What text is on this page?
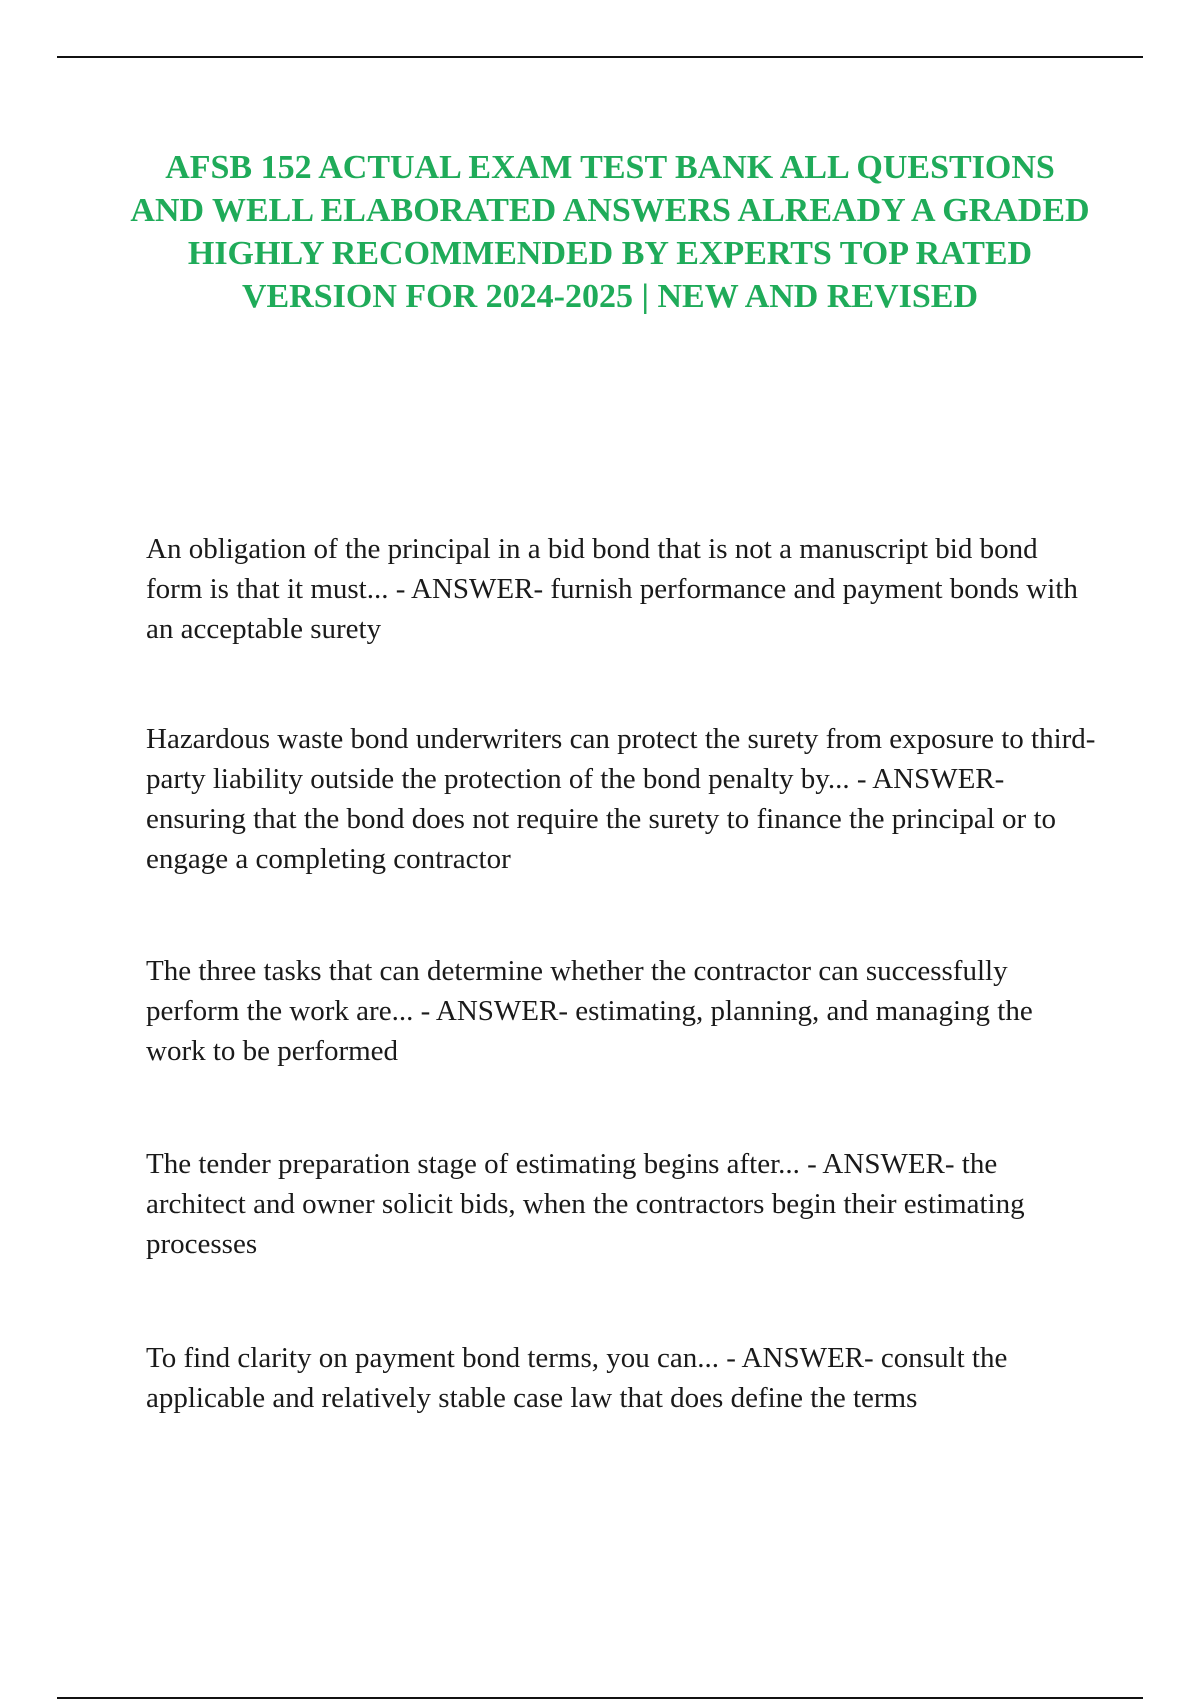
AFSB 152 ACTUAL EXAM TEST BANK ALL QUESTIONS AND WELL ELABORATED ANSWERS ALREADY A GRADED HIGHLY RECOMMENDED BY EXPERTS TOP RATED VERSION FOR 2024-2025 | NEW AND REVISED
An obligation of the principal in a bid bond that is not a manuscript bid bond form is that it must... - ANSWER- furnish performance and payment bonds with an acceptable surety
Hazardous waste bond underwriters can protect the surety from exposure to third-party liability outside the protection of the bond penalty by... - ANSWER- ensuring that the bond does not require the surety to finance the principal or to engage a completing contractor
The three tasks that can determine whether the contractor can successfully perform the work are... - ANSWER- estimating, planning, and managing the work to be performed
The tender preparation stage of estimating begins after... - ANSWER- the architect and owner solicit bids, when the contractors begin their estimating processes
To find clarity on payment bond terms, you can... - ANSWER- consult the applicable and relatively stable case law that does define the terms
